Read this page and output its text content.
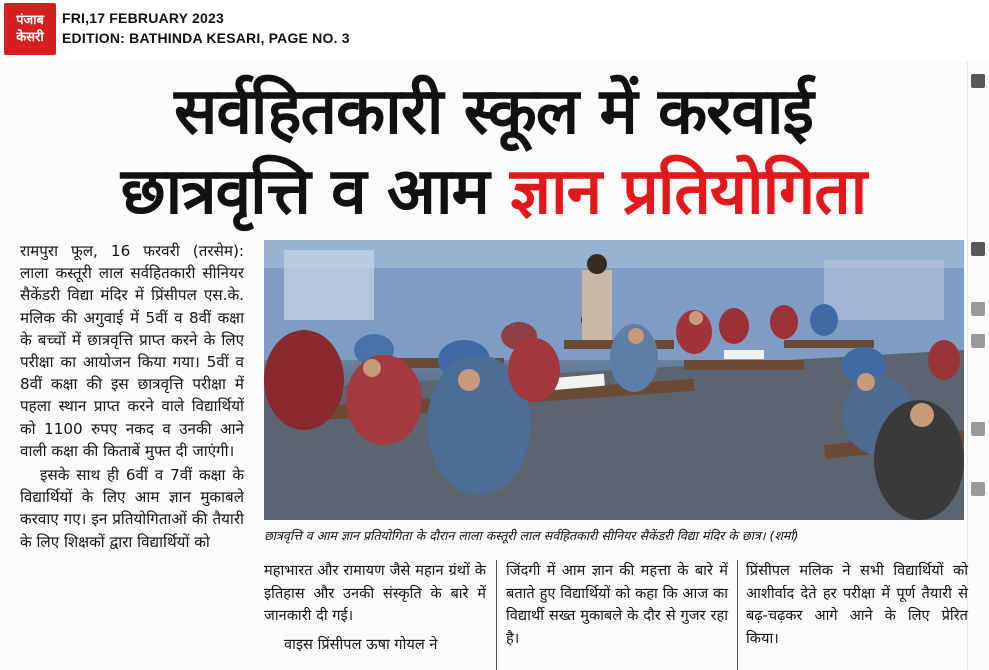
पंजाब
केसरी
FRI,17 FEBRUARY 2023
EDITION: BATHINDA KESARI, PAGE NO. 3
सर्वहितकारी स्कूल में करवाई
छात्रवृत्ति व आम ज्ञान प्रतियोगिता

रामपुरा फूल, 16 फरवरी (तरसेम): लाला कस्तूरी लाल सर्वहितकारी सीनियर सैकेंडरी विद्या मंदिर में प्रिंसीपल एस.के. मलिक की अगुवाई में 5वीं व 8वीं कक्षा के बच्चों में छात्रवृत्ति प्राप्त करने के लिए परीक्षा का आयोजन किया गया। 5वीं व 8वीं कक्षा की इस छात्रवृत्ति परीक्षा में पहला स्थान प्राप्त करने वाले विद्यार्थियों को 1100 रुपए नकद व उनकी आने वाली कक्षा की किताबें मुफ्त दी जाएंगी।

इसके साथ ही 6वीं व 7वीं कक्षा के विद्यार्थियों के लिए आम ज्ञान मुकाबले करवाए गए। इन प्रतियोगिताओं की तैयारी के लिए शिक्षकों द्वारा विद्यार्थियों को	छात्रवृत्ति व आम ज्ञान प्रतियोगिता के दौरान लाला कस्तूरी लाल सर्वहितकारी सीनियर सैकेंडरी विद्या मंदिर के छात्र। (शर्मा)

महाभारत और रामायण जैसे महान ग्रंथों के इतिहास और उनकी संस्कृति के बारे में जानकारी दी गई।

वाइस प्रिंसीपल ऊषा गोयल ने

जिंदगी में आम ज्ञान की महत्ता के बारे में बताते हुए विद्यार्थियों को कहा कि आज का विद्यार्थी सख्त मुकाबले के दौर से गुजर रहा है।

प्रिंसीपल मलिक ने सभी विद्यार्थियों को आशीर्वाद देते हर परीक्षा में पूर्ण तैयारी से बढ़-चढ़कर आगे आने के लिए प्रेरित किया।
